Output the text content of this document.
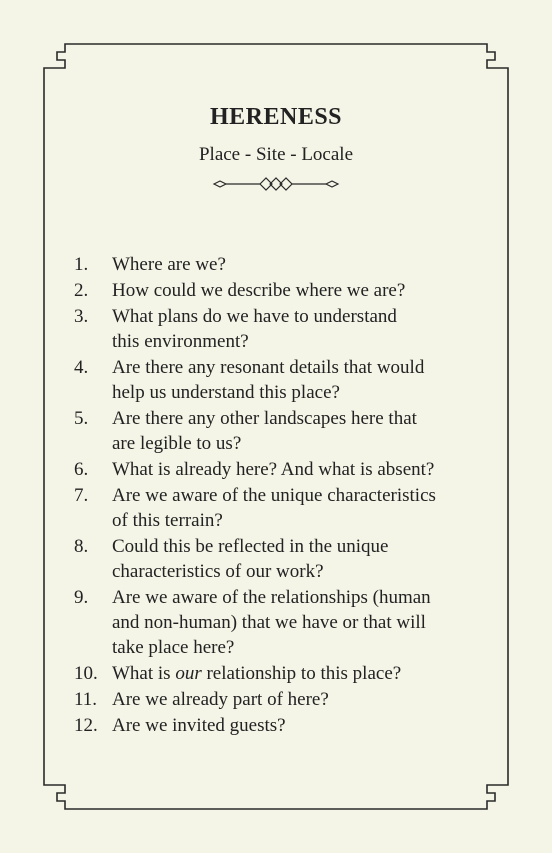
HERENESS
Place - Site - Locale
1.	Where are we?
2.	How could we describe where we are?
3.	What plans do we have to understand
this environment?
4.	Are there any resonant details that would
help us understand this place?
5.	Are there any other landscapes here that
are legible to us?
6.	What is already here? And what is absent?
7.	Are we aware of the unique characteristics
of this terrain?
8.	Could this be reflected in the unique
characteristics of our work?
9.	Are we aware of the relationships (human
and non-human) that we have or that will
take place here?
10. What is our relationship to this place?
11. Are we already part of here?
12. Are we invited guests?
